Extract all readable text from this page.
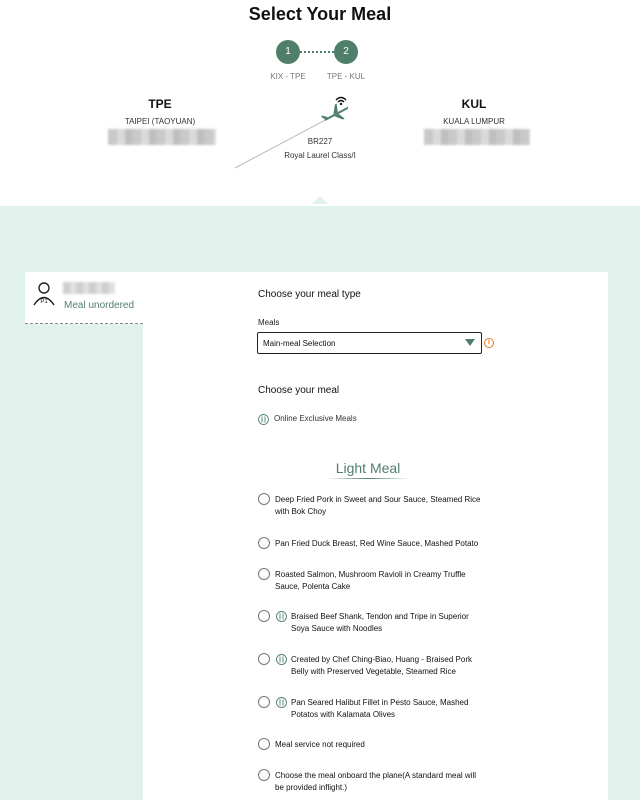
Select Your Meal
1	2
KIX - TPE	TPE - KUL
TPE
TAIPEI (TAOYUAN)
KUL
KUALA LUMPUR
BR227
Royal Laurel Class/I
P1 Meal unordered
Choose your meal type
Meals
Main-meal Selection	i
Choose your meal
Online Exclusive Meals
Light Meal
Deep Fried Pork in Sweet and Sour Sauce, Steamed Rice with Bok Choy
Pan Fried Duck Breast, Red Wine Sauce, Mashed Potato
Roasted Salmon, Mushroom Ravioli in Creamy Truffle Sauce, Polenta Cake
Braised Beef Shank, Tendon and Tripe in Superior Soya Sauce with Noodles
Created by Chef Ching-Biao, Huang - Braised Pork Belly with Preserved Vegetable, Steamed Rice
Pan Seared Halibut Fillet in Pesto Sauce, Mashed Potatos with Kalamata Olives
Meal service not required
Choose the meal onboard the plane(A standard meal will be provided inflight.)
